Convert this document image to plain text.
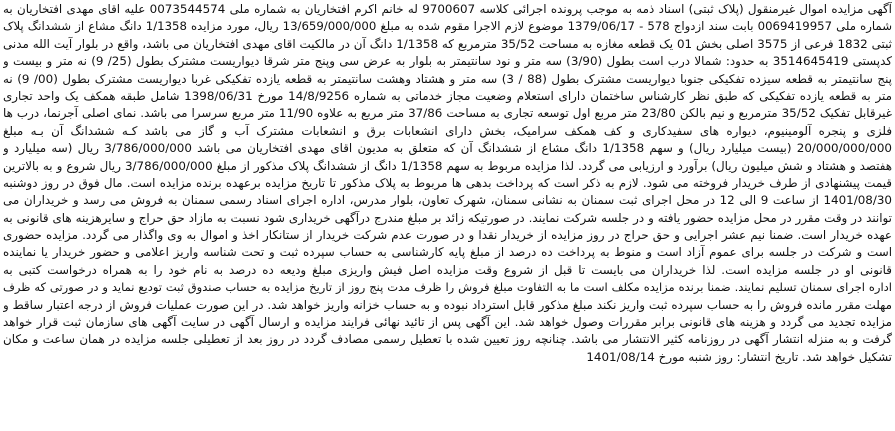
آگهی مزایده اموال غیرمنقول (پلاک ثبتی) اسناد ذمه به موجب پرونده اجرائی کلاسه 9700607 له خانم اکرم افتخاریان به شماره ملی 0073544574 علیه اقای مهدی افتخاریان به
شماره ملی 0069419957 بابت سند ازدواج 578 - 1379/06/17 موضوع لازم الاجرا مقوم شده به مبلغ 13/659/000/000 ریال، مورد مزایده 1/1358 دانگ مشاع از ششدانگ پلاک
ثبتی 1832 فرعی از 3575 اصلی بخش 01 یک قطعه مغازه به مساحت 35/52 مترمربع که 1/1358 دانگ آن در مالکیت اقای مهدی افتخاریان می باشد، واقع در بلوار آیت الله مدنی
کدپستی 3514645419 به حدود: شمالا درب است بطول (3/90) سه متر و نود سانتیمتر به بلوار به عرض سی وپنج متر شرقا دیواریست مشترک بطول (25/ 9) نه متر و بیست و
پنج سانتیمتر به قطعه سیزده تفکیکی جنوبا دیواریست مشترک بطول (88 / 3) سه متر و هشتاد وهشت سانتیمتر به قطعه یازده تفکیکی غربا دیواریست مشترک بطول (00/ 9) نه
متر به قطعه یازده تفکیکی که طبق نظر کارشناس ساختمان دارای استعلام وضعیت مجاز خدماتی به شماره 14/8/9256 مورخ 1398/06/31 شامل طبقه همکف یک واحد تجاری
غیرقابل تفکیک 35/52 مترمربع و نیم بالکن 23/80 متر مربع اول توسعه تجاری به مساحت 37/86 متر مربع به علاوه 11/90 متر مربع سرسرا می باشد. نمای اصلی آجرنما، درب ها
فلزی و پنجره آلومینیوم، دیواره های سفیدکاری و کف همکف سرامیک، بخش دارای انشعابات برق و انشعابات مشترک آب و گاز می باشد کـه ششدانگ آن بـه مبلغ
20/000/000/000 (بیست میلیارد ریال) و سهم 1/1358 دانگ مشاع از ششدانگ آن که متعلق به مدیون اقای مهدی افتخاریان می باشد 3/786/000/000 ریال (سه میلیارد و
هفتصد و هشتاد و شش میلیون ریال) برآورد و ارزیابی می گردد. لذا مزایده مربوط به سهم 1/1358 دانگ از ششدانگ پلاک مذکور از مبلغ 3/786/000/000 ریال شروع و به بالاترین
قیمت پیشنهادی از طرف خریدار فروخته می شود. لازم به ذکر است که پرداخت بدهی ها مربوط به پلاک مذکور تا تاریخ مزایده برعهده برنده مزایده است. مال فوق در روز دوشنبه
1401/08/30 از ساعت 9 الی 12 در محل اجرای ثبت سمنان به نشانی سمنان، شهرک تعاون، بلوار مدرس، اداره اجرای اسناد رسمی سمنان به فروش می رسد و خریداران می
توانند در وقت مقرر در محل مزایده حضور یافته و در جلسه شرکت نمایند. در صورتیکه زائد بر مبلغ مندرج درآگهی خریداری شود نسبت به مازاد حق حراج و سایرهزینه های قانونی به
عهده خریدار است. ضمنا نیم عشر اجرایی و حق حراج در روز مزایده از خریدار نقدا و در صورت عدم شرکت خریدار از ستانکار اخذ و اموال به وی واگذار می گردد. مزایده حضوری
است و شرکت در جلسه برای عموم آزاد است و منوط به پرداخت ده درصد از مبلغ پایه کارشناسی به حساب سپرده ثبت و تحت شناسه واریز اعلامی و حضور خریدار یا نماینده
قانونی او در جلسه مزایده است. لذا خریداران می بایست تا قبل از شروع وقت مزایده اصل فیش واریزی مبلغ ودیعه ده درصد به نام خود را به همراه درخواست کتبی به
اداره اجرای سمنان تسلیم نمایند. ضمنا برنده مزایده مکلف است ما به التفاوت مبلغ فروش را ظرف مدت پنج روز از تاریخ مزایده به حساب صندوق ثبت تودیع نماید و در صورتی که ظرف
مهلت مقرر مانده فروش را به حساب سپرده ثبت واریز نکند مبلغ مذکور قابل استرداد نبوده و به حساب خزانه واریز خواهد شد. در این صورت عملیات فروش از درجه اعتبار ساقط و
مزایده تجدید می گردد و هزینه های قانونی برابر مقررات وصول خواهد شد. این آگهی پس از تائید نهائی فرایند مزایده و ارسال آگهی در سایت آگهی های سازمان ثبت قرار خواهد
گرفت و به منزله انتشار آگهی در روزنامه کثیر الانتشار می باشد. چنانچه روز تعیین شده با تعطیل رسمی مصادف گردد در روز بعد از تعطیلی جلسه مزایده در همان ساعت و مکان
تشکیل خواهد شد. تاریخ انتشار: روز شنبه مورخ 1401/08/14
